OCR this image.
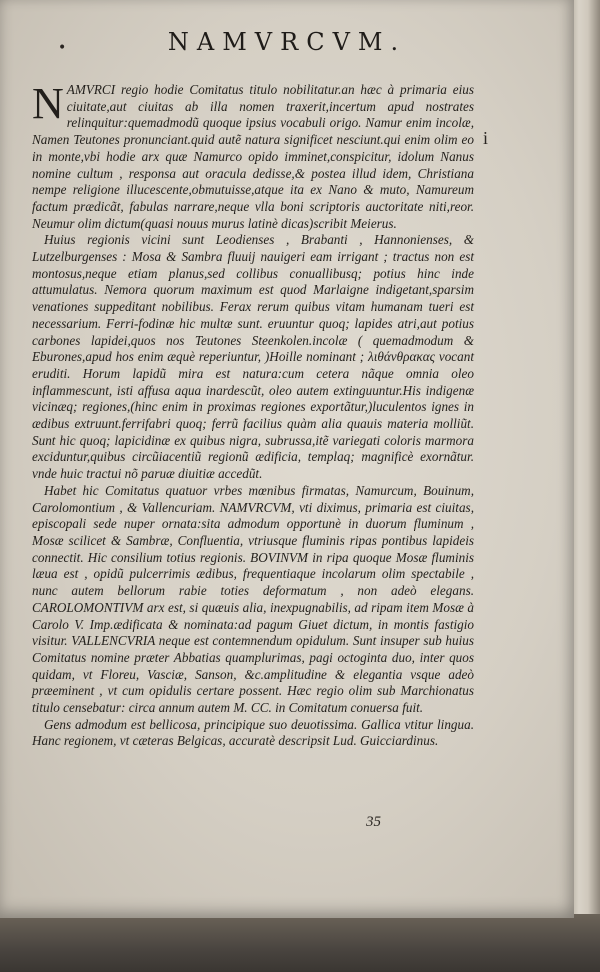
•	NAMVRCVM.
i

NAMVRCI regio hodie Comitatus titulo nobilitatur.an hæc à primaria eius ciuitate,aut ciuitas ab illa nomen traxerit,incertum apud nostrates relinquitur:quemadmodũ quoque ipsius vocabuli origo. Namur enim incolæ, Namen Teutones pronunciant.quid autẽ natura significet nesciunt.qui enim olim eo in monte,vbi hodie arx quæ Namurco opido imminet,conspicitur, idolum Nanus nomine cultum , responsa aut oracula dedisse,& postea illud idem, Christiana nempe religione illucescente,obmutuisse,atque ita ex Nano & muto, Namureum factum prædicãt, fabulas narrare,neque vlla boni scriptoris auctoritate niti,reor. Neumur olim dictum(quasi nouus murus latinè dicas)scribit Meierus.

Huius regionis vicini sunt Leodienses , Brabanti , Hannonienses, & Lutzelburgenses : Mosa & Sambra fluuij nauigeri eam irrigant ; tractus non est montosus,neque etiam planus,sed collibus conuallibusq; potius hinc inde attumulatus. Nemora quorum maximum est quod Marlaigne indigetant,sparsim venationes suppeditant nobilibus. Ferax rerum quibus vitam humanam tueri est necessarium. Ferri-fodinæ hic multæ sunt. eruuntur quoq; lapides atri,aut potius carbones lapidei,quos nos Teutones Steenkolen.incolæ ( quemadmodum & Eburones,apud hos enim æquè reperiuntur, )Hoille nominant ; λιθάνθρακας vocant eruditi. Horum lapidũ mira est natura:cum cetera nãque omnia oleo inflammescunt, isti affusa aqua inardescũt, oleo autem extinguuntur.His indigenæ vicinæq; regiones,(hinc enim in proximas regiones exportãtur,)luculentos ignes in ædibus extruunt.ferrifabri quoq; ferrũ facilius quàm alia quauis materia molliũt. Sunt hic quoq; lapicidinæ ex quibus nigra, subrussa,itẽ variegati coloris marmora exciduntur,quibus circũiacentiũ regionũ ædificia, templaq; magnificè exornãtur. vnde huic tractui nõ paruæ diuitiæ accedũt.

Habet hic Comitatus quatuor vrbes mœnibus firmatas, Namurcum, Bouinum, Carolomontium , & Vallencuriam. NAMVRCVM, vti diximus, primaria est ciuitas, episcopali sede nuper ornata:sita admodum opportunè in duorum fluminum , Mosæ scilicet & Sambræ, Confluentia, vtriusque fluminis ripas pontibus lapideis connectit. Hic consilium totius regionis. BOVINVM in ripa quoque Mosæ fluminis læua est , opidũ pulcerrimis ædibus, frequentiaque incolarum olim spectabile , nunc autem bellorum rabie toties deformatum , non adeò elegans. CAROLOMONTIVM arx est, si quæuis alia, inexpugnabilis, ad ripam item Mosæ à Carolo V. Imp.ædificata & nominata:ad pagum Giuet dictum, in montis fastigio visitur. VALLENCVRIA neque est contemnendum opidulum. Sunt insuper sub huius Comitatus nomine præter Abbatias quamplurimas, pagi octoginta duo, inter quos quidam, vt Floreu, Vasciæ, Sanson, &c.amplitudine & elegantia vsque adeò præeminent , vt cum opidulis certare possent. Hæc regio olim sub Marchionatus titulo censebatur: circa annum autem M. CC. in Comitatum conuersa fuit.

Gens admodum est bellicosa, principique suo deuotissima. Gallica vtitur lingua. Hanc regionem, vt cæteras Belgicas, accuratè descripsit Lud. Guicciardinus.

35
